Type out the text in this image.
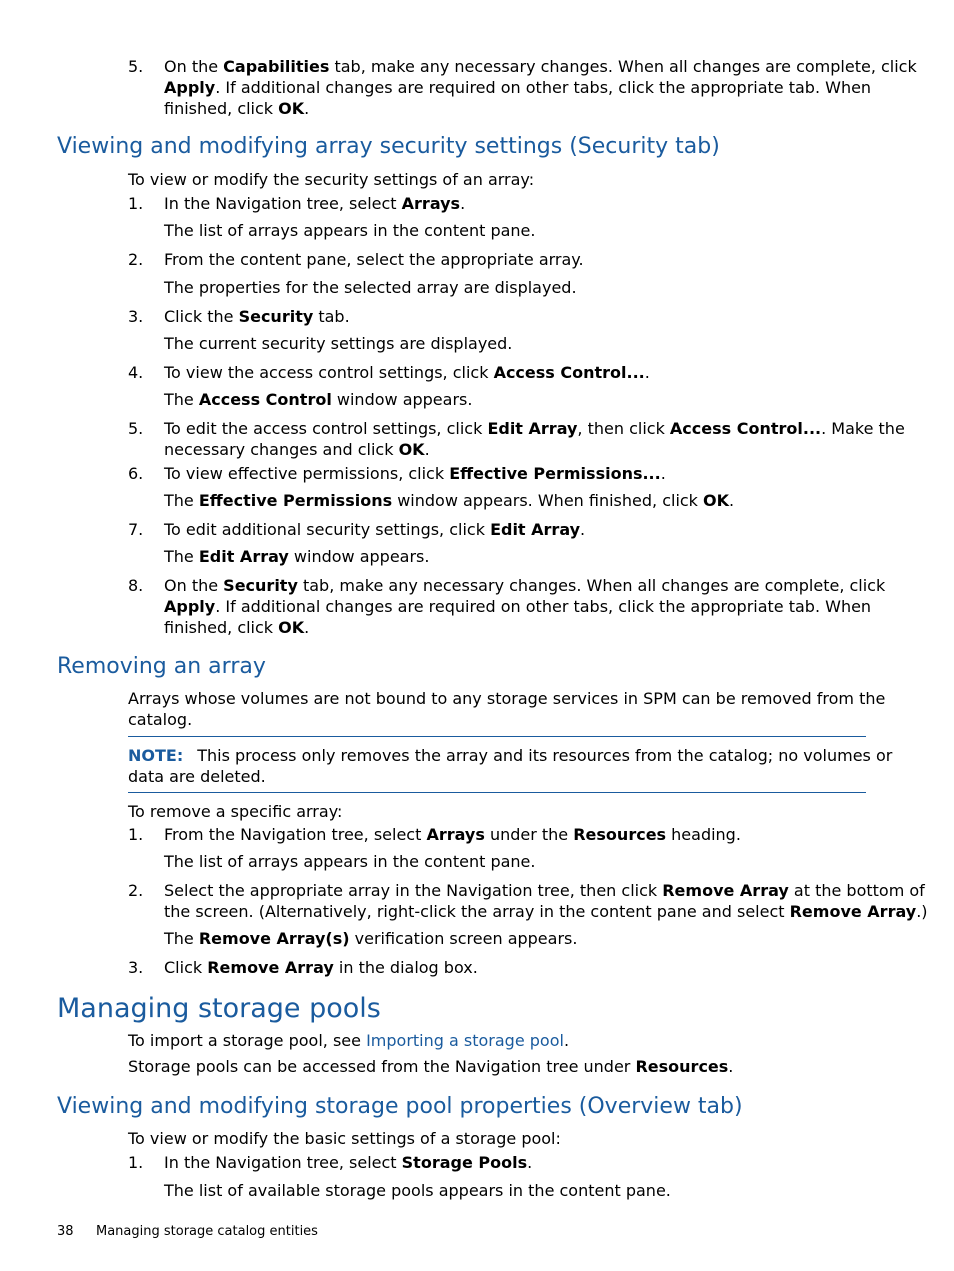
5. On the Capabilities tab, make any necessary changes. When all changes are complete, click
Apply. If additional changes are required on other tabs, click the appropriate tab. When
finished, click OK.
Viewing and modifying array security settings (Security tab)
To view or modify the security settings of an array:
1. In the Navigation tree, select Arrays.
The list of arrays appears in the content pane.
2. From the content pane, select the appropriate array.
The properties for the selected array are displayed.
3. Click the Security tab.
The current security settings are displayed.
4. To view the access control settings, click Access Control....
The Access Control window appears.
5. To edit the access control settings, click Edit Array, then click Access Control.... Make the
necessary changes and click OK.
6. To view effective permissions, click Effective Permissions....
The Effective Permissions window appears. When finished, click OK.
7. To edit additional security settings, click Edit Array.
The Edit Array window appears.
8. On the Security tab, make any necessary changes. When all changes are complete, click
Apply. If additional changes are required on other tabs, click the appropriate tab. When
finished, click OK.
Removing an array
Arrays whose volumes are not bound to any storage services in SPM can be removed from the
catalog.
NOTE: This process only removes the array and its resources from the catalog; no volumes or
data are deleted.
To remove a specific array:
1. From the Navigation tree, select Arrays under the Resources heading.
The list of arrays appears in the content pane.
2. Select the appropriate array in the Navigation tree, then click Remove Array at the bottom of
the screen. (Alternatively, right-click the array in the content pane and select Remove Array.)
The Remove Array(s) verification screen appears.
3. Click Remove Array in the dialog box.
Managing storage pools
To import a storage pool, see Importing a storage pool.
Storage pools can be accessed from the Navigation tree under Resources.
Viewing and modifying storage pool properties (Overview tab)
To view or modify the basic settings of a storage pool:
1. In the Navigation tree, select Storage Pools.
The list of available storage pools appears in the content pane.
38 Managing storage catalog entities
